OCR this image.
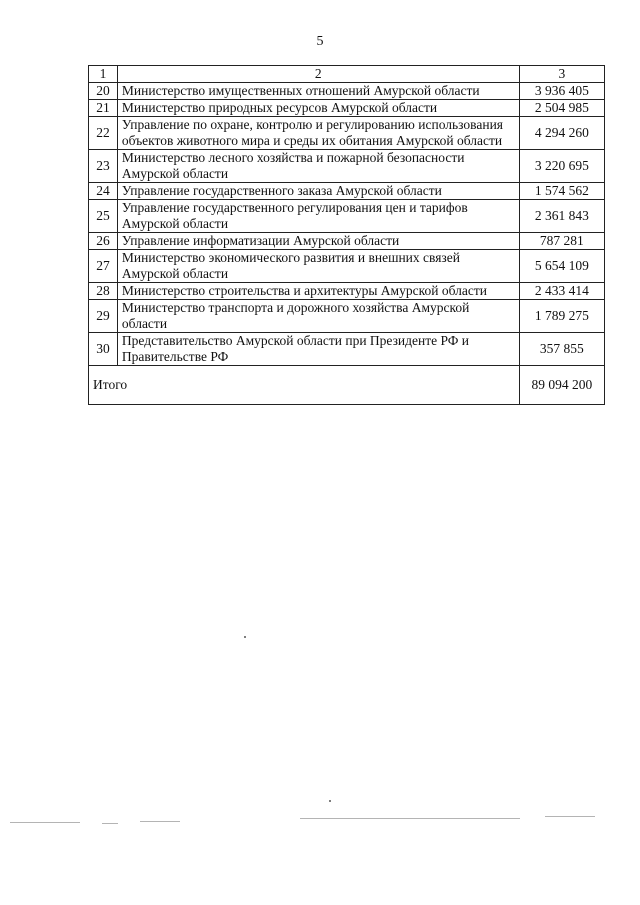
5
1	2	3
20	Министерство имущественных отношений Амурской области	3 936 405
21	Министерство природных ресурсов Амурской области	2 504 985
22	Управление по охране, контролю и регулированию использования объектов животного мира и среды их обитания Амурской области	4 294 260
23	Министерство лесного хозяйства и пожарной безопасности Амурской области	3 220 695
24	Управление государственного заказа Амурской области	1 574 562
25	Управление государственного регулирования цен и тарифов Амурской области	2 361 843
26	Управление информатизации Амурской области	787 281
27	Министерство экономического развития и внешних связей Амурской области	5 654 109
28	Министерство строительства и архитектуры Амурской области	2 433 414
29	Министерство транспорта и дорожного хозяйства Амурской области	1 789 275
30	Представительство Амурской области при Президенте РФ и Правительстве РФ	357 855
Итого		89 094 200
